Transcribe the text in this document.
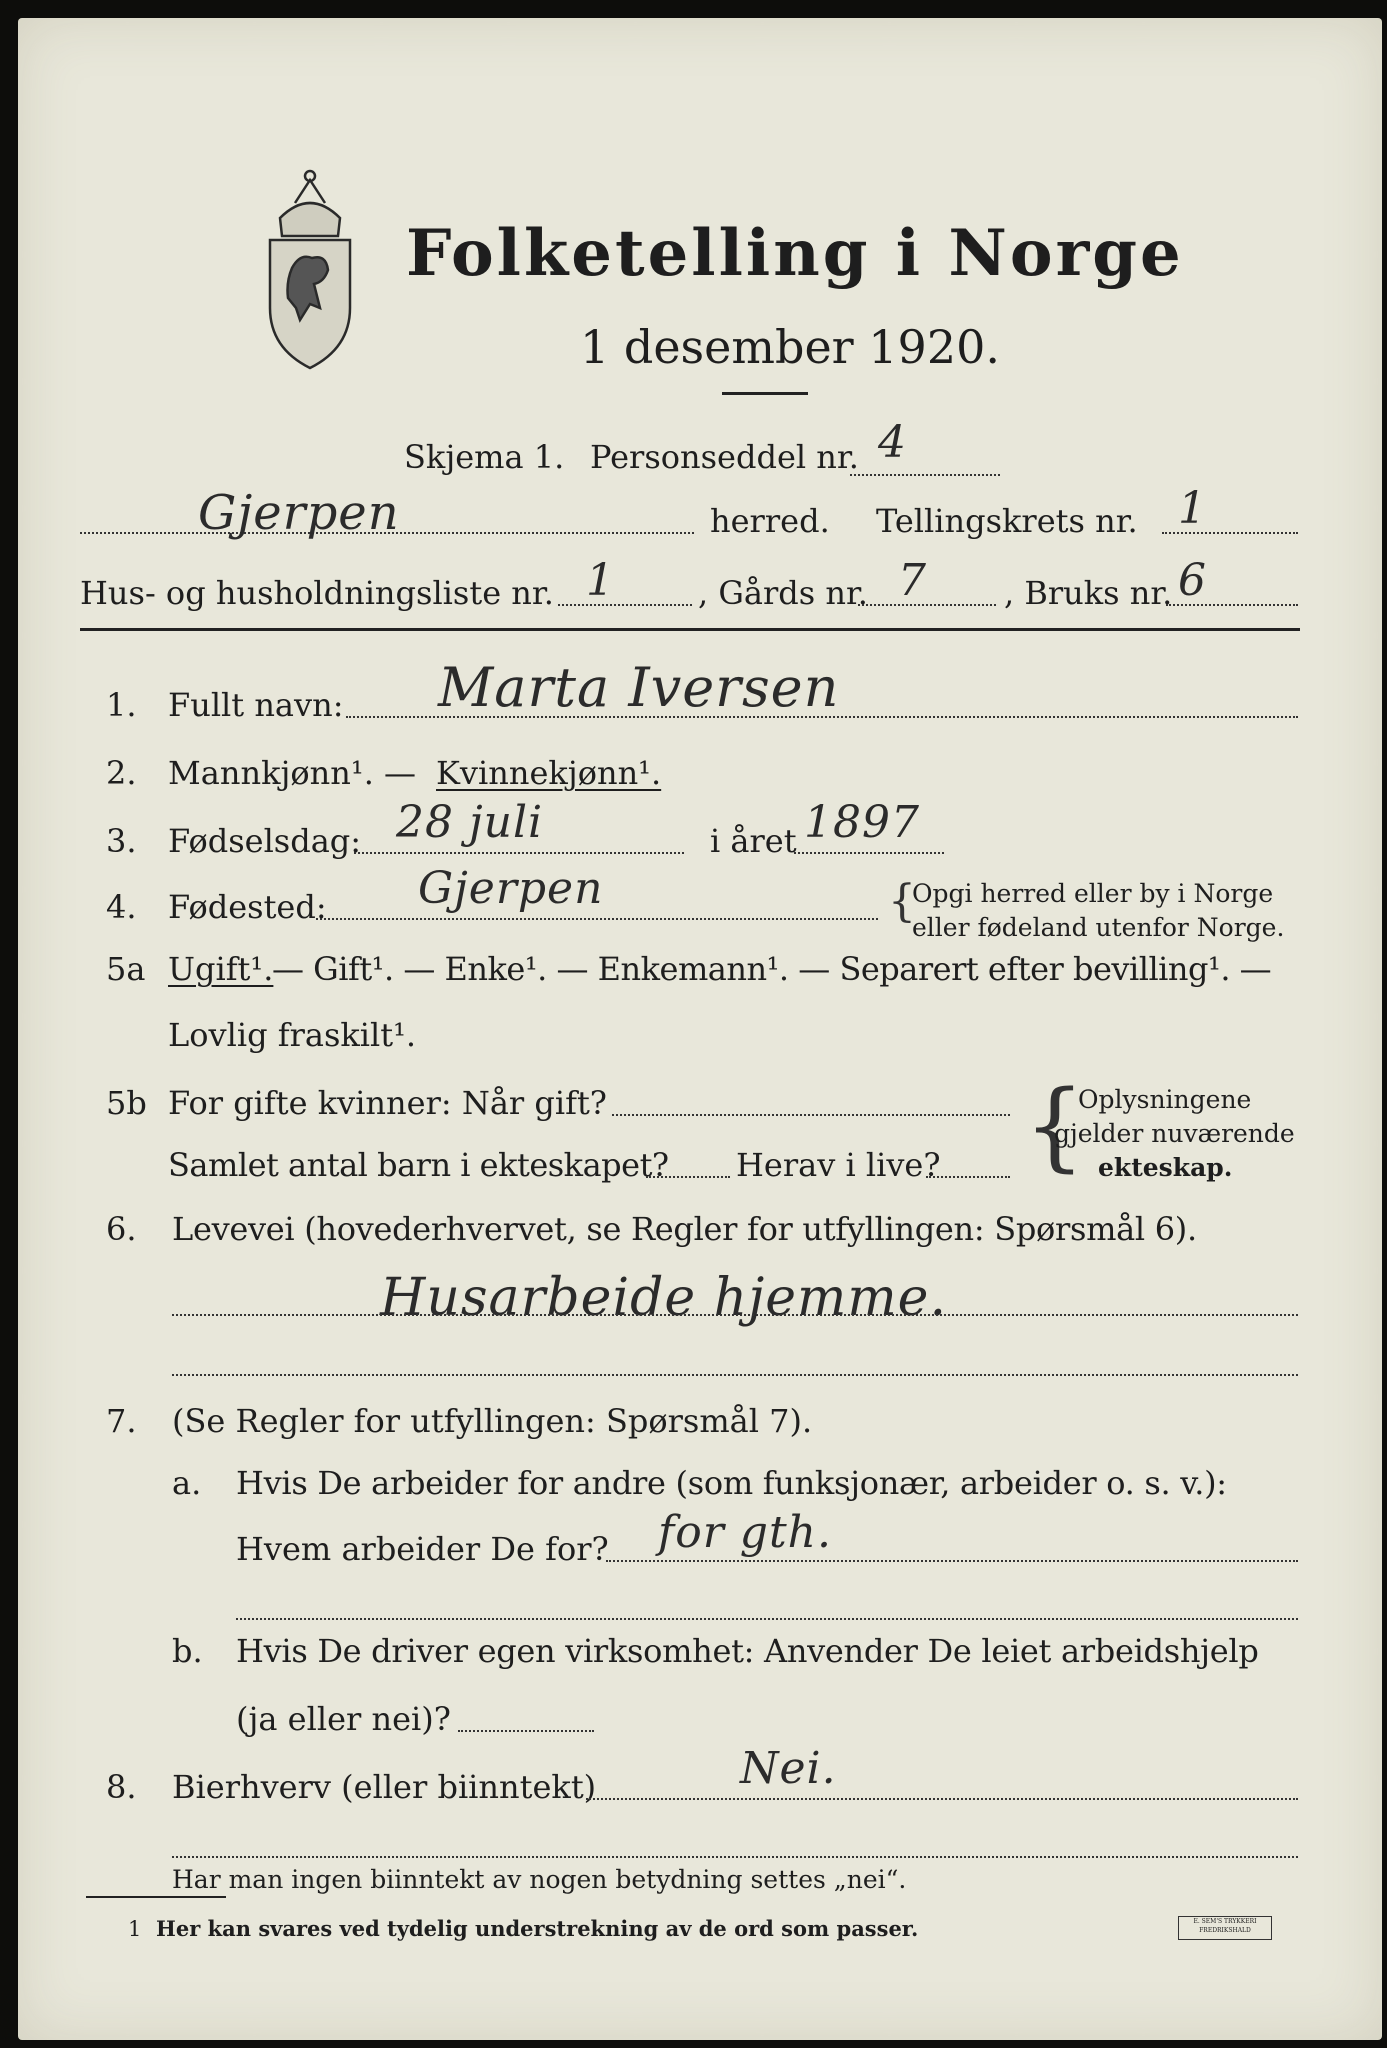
Folketelling i Norge
1 desember 1920.
Skjema 1. Personseddel nr. 4
Gjerpen	herred. Tellingskrets nr. 1
Hus- og husholdningsliste nr. 1	, Gårds nr. 7 , Bruks nr. 6
1. Fullt navn: Marta Iversen
2. Mannkjønn¹. — Kvinnekjønn¹.
3. Fødselsdag: 28 juli	i året 1897
4. Fødested: Gjerpen	{
Opgi herred eller by i Norge
eller fødeland utenfor Norge.
5a Ugift¹.
— Gift¹. — Enke¹. — Enkemann¹. — Separert efter bevilling¹. —
Lovlig fraskilt¹.
5b For gifte kvinner: Når gift?
Samlet antal barn i ekteskapet? Herav i live? {
Oplysningene
gjelder nuværende
ekteskap.
6. Levevei (hovederhvervet, se Regler for utfyllingen: Spørsmål 6).
Husarbeide hjemme.
7. (Se Regler for utfyllingen: Spørsmål 7).
a. Hvis De arbeider for andre (som funksjonær, arbeider o. s. v.):
Hvem arbeider De for? for gth.
b. Hvis De driver egen virksomhet: Anvender De leiet arbeidshjelp
(ja eller nei)?
8. Bierhverv (eller biinntekt)	Nei.
Har man ingen biinntekt av nogen betydning settes „nei“.
1 Her kan svares ved tydelig understrekning av de ord som passer.	E. SEM'S TRYKKERI FREDRIKSHALD
